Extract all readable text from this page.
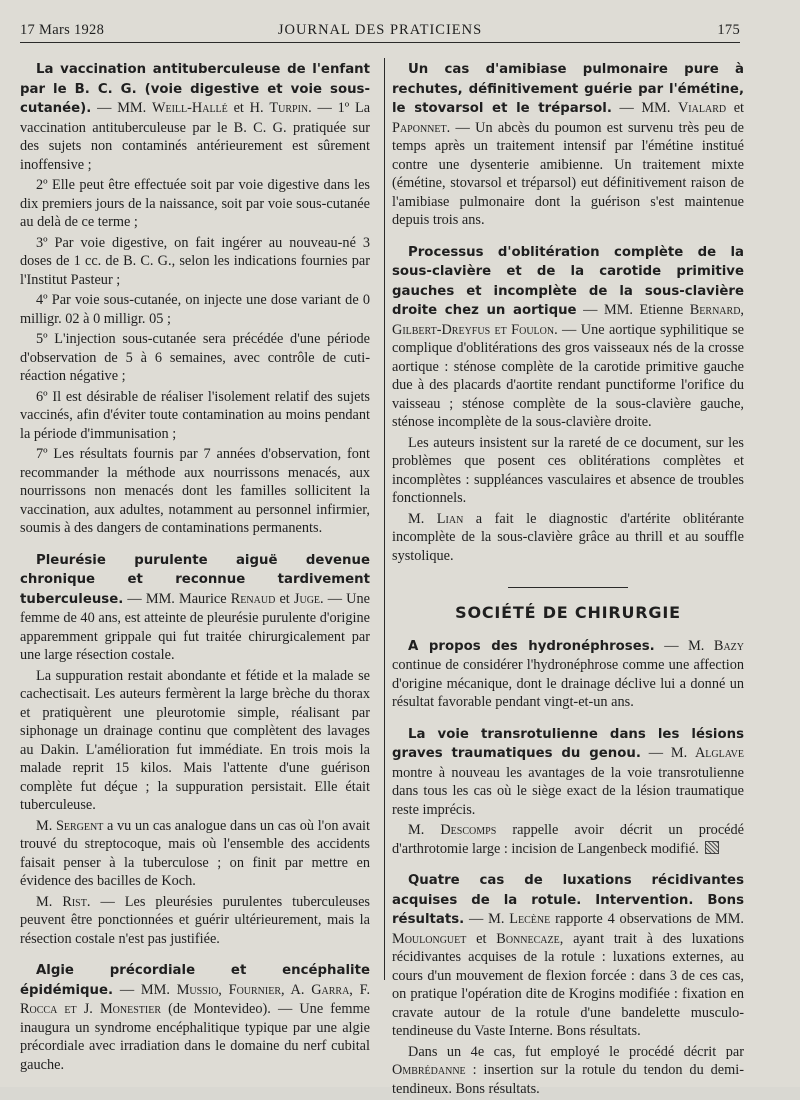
17 Mars 1928	JOURNAL DES PRATICIENS	175

La vaccination antituberculeuse de l'enfant par le B. C. G. (voie digestive et voie sous-cutanée). — MM. Weill-Hallé et H. Turpin. — 1º La vaccination antituberculeuse par le B. C. G. pratiquée sur des sujets non contaminés antérieurement est sûrement inoffensive ;

2º Elle peut être effectuée soit par voie digestive dans les dix premiers jours de la naissance, soit par voie sous-cutanée au delà de ce terme ;

3º Par voie digestive, on fait ingérer au nouveau-né 3 doses de 1 cc. de B. C. G., selon les indications fournies par l'Institut Pasteur ;

4º Par voie sous-cutanée, on injecte une dose variant de 0 milligr. 02 à 0 milligr. 05 ;

5º L'injection sous-cutanée sera précédée d'une période d'observation de 5 à 6 semaines, avec contrôle de cuti-réaction négative ;

6º Il est désirable de réaliser l'isolement relatif des sujets vaccinés, afin d'éviter toute contamination au moins pendant la période d'immunisation ;

7º Les résultats fournis par 7 années d'observation, font recommander la méthode aux nourrissons menacés, aux nourrissons non menacés dont les familles sollicitent la vaccination, aux adultes, notamment au personnel infirmier, soumis à des dangers de contaminations permanents.

Pleurésie purulente aiguë devenue chronique et reconnue tardivement tuberculeuse. — MM. Maurice Renaud et Juge. — Une femme de 40 ans, est atteinte de pleurésie purulente d'origine apparemment grippale qui fut traitée chirurgicalement par une large résection costale.

La suppuration restait abondante et fétide et la malade se cachectisait. Les auteurs fermèrent la large brèche du thorax et pratiquèrent une pleurotomie simple, réalisant par siphonage un drainage continu que complètent des lavages au Dakin. L'amélioration fut immédiate. En trois mois la malade reprit 15 kilos. Mais l'attente d'une guérison complète fut déçue ; la suppuration persistait. Elle était tuberculeuse.

M. Sergent a vu un cas analogue dans un cas où l'on avait trouvé du streptocoque, mais où l'ensemble des accidents faisait penser à la tuberculose ; on finit par mettre en évidence des bacilles de Koch.

M. Rist. — Les pleurésies purulentes tuberculeuses peuvent être ponctionnées et guérir ultérieurement, mais la résection costale n'est pas justifiée.

Algie précordiale et encéphalite épidémique. — MM. Mussio, Fournier, A. Garra, F. Rocca et J. Monestier (de Montevideo). — Une femme inaugura un syndrome encéphalitique typique par une algie précordiale avec irradiation dans le domaine du nerf cubital gauche.

Un cas d'amibiase pulmonaire pure à rechutes, définitivement guérie par l'émétine, le stovarsol et le tréparsol. — MM. Vialard et Paponnet. — Un abcès du poumon est survenu très peu de temps après un traitement intensif par l'émétine institué contre une dysenterie amibienne. Un traitement mixte (émétine, stovarsol et tréparsol) eut définitivement raison de l'amibiase pulmonaire dont la guérison s'est maintenue depuis trois ans.

Processus d'oblitération complète de la sous-clavière et de la carotide primitive gauches et incomplète de la sous-clavière droite chez un aortique — MM. Etienne Bernard, Gilbert-Dreyfus et Foulon. — Une aortique syphilitique se complique d'oblitérations des gros vaisseaux nés de la crosse aortique : sténose complète de la carotide primitive gauche due à des placards d'aortite rendant punctiforme l'orifice du vaisseau ; sténose complète de la sous-clavière gauche, sténose incomplète de la sous-clavière droite.

Les auteurs insistent sur la rareté de ce document, sur les problèmes que posent ces oblitérations complètes et incomplètes : suppléances vasculaires et absence de troubles fonctionnels.

M. Lian a fait le diagnostic d'artérite oblitérante incomplète de la sous-clavière grâce au thrill et au souffle systolique.

SOCIÉTÉ DE CHIRURGIE

A propos des hydronéphroses. — M. Bazy continue de considérer l'hydronéphrose comme une affection d'origine mécanique, dont le drainage déclive lui a donné un résultat favorable pendant vingt-et-un ans.

La voie transrotulienne dans les lésions graves traumatiques du genou. — M. Alglave montre à nouveau les avantages de la voie transrotulienne dans tous les cas où le siège exact de la lésion traumatique reste imprécis.

M. Descomps rappelle avoir décrit un procédé d'arthrotomie large : incision de Langenbeck modifié.

Quatre cas de luxations récidivantes acquises de la rotule. Intervention. Bons résultats. — M. Lecène rapporte 4 observations de MM. Moulonguet et Bonnecaze, ayant trait à des luxations récidivantes acquises de la rotule : luxations externes, au cours d'un mouvement de flexion forcée : dans 3 de ces cas, on pratique l'opération dite de Krogins modifiée : fixation en cravate autour de la rotule d'une bandelette musculo-tendineuse du Vaste Interne. Bons résultats.

Dans un 4e cas, fut employé le procédé décrit par Ombrédanne : insertion sur la rotule du tendon du demi-tendineux. Bons résultats.
